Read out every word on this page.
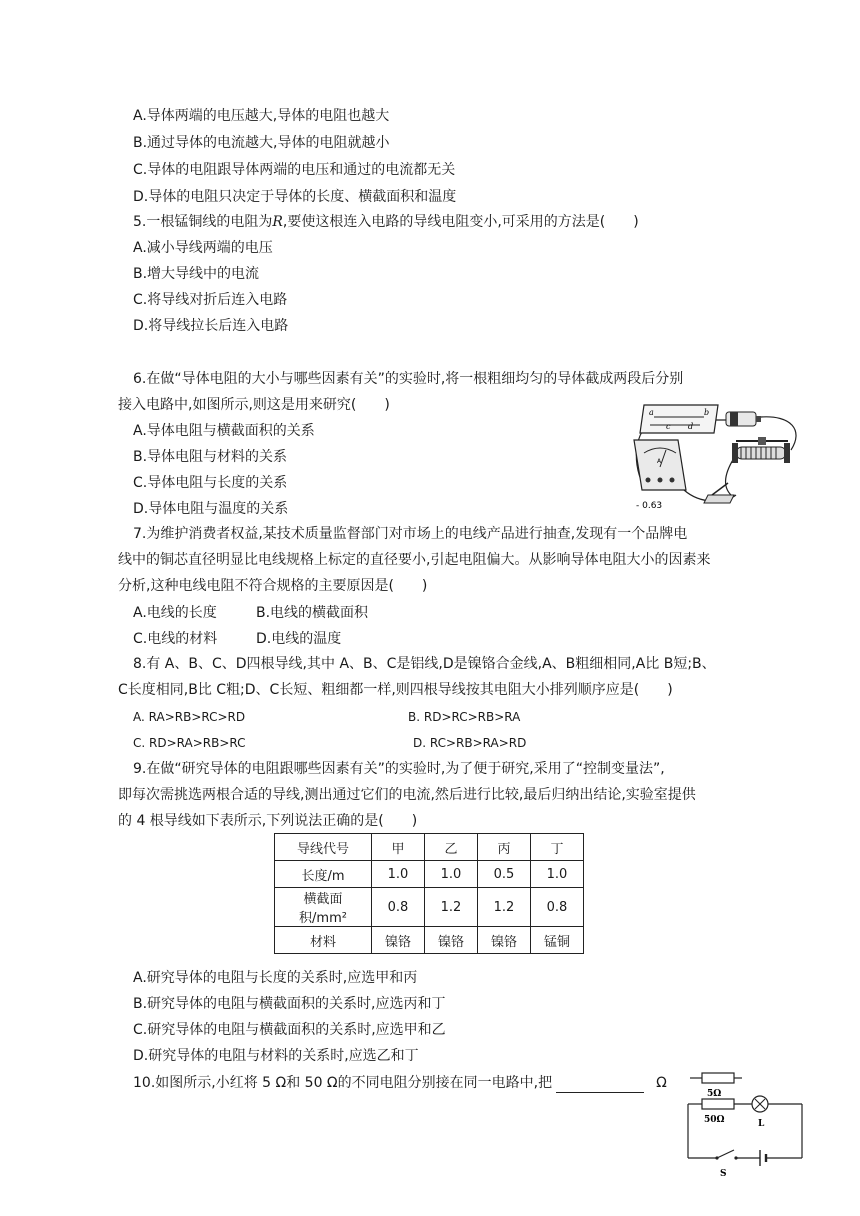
A.导体两端的电压越大,导体的电阻也越大
B.通过导体的电流越大,导体的电阻就越小
C.导体的电阻跟导体两端的电压和通过的电流都无关
D.导体的电阻只决定于导体的长度、横截面积和温度
5.一根锰铜线的电阻为R,要使这根连入电路的导线电阻变小,可采用的方法是(　　)
A.减小导线两端的电压
B.增大导线中的电流
C.将导线对折后连入电路
D.将导线拉长后连入电路
6.在做“导体电阻的大小与哪些因素有关”的实验时,将一根粗细均匀的导体截成两段后分别
接入电路中,如图所示,则这是用来研究(　　)
A.导体电阻与横截面积的关系
B.导体电阻与材料的关系
C.导体电阻与长度的关系
D.导体电阻与温度的关系
a	b
c d
A
- 0.63
7.为维护消费者权益,某技术质量监督部门对市场上的电线产品进行抽查,发现有一个品牌电
线中的铜芯直径明显比电线规格上标定的直径要小,引起电阻偏大。从影响导体电阻大小的因素来
分析,这种电线电阻不符合规格的主要原因是(　　)
A.电线的长度	B.电线的横截面积
C.电线的材料	D.电线的温度
8.有 A、B、C、D四根导线,其中 A、B、C是铝线,D是镍铬合金线,A、B粗细相同,A比 B短;B、
C长度相同,B比 C粗;D、C长短、粗细都一样,则四根导线按其电阻大小排列顺序应是(　　)
A. RA>RB>RC>RD	B. RD>RC>RB>RA
C. RD>RA>RB>RC	D. RC>RB>RA>RD
9.在做“研究导体的电阻跟哪些因素有关”的实验时,为了便于研究,采用了“控制变量法”,
即每次需挑选两根合适的导线,测出通过它们的电流,然后进行比较,最后归纳出结论,实验室提供
的 4 根导线如下表所示,下列说法正确的是(　　)
导线代号	甲	乙	丙	丁
长度/m	1.0	1.0	0.5	1.0
横截面积/mm²	0.8	1.2	1.2	0.8
材料	镍铬	镍铬	镍铬	锰铜
A.研究导体的电阻与长度的关系时,应选甲和丙
B.研究导体的电阻与横截面积的关系时,应选丙和丁
C.研究导体的电阻与横截面积的关系时,应选甲和乙
D.研究导体的电阻与材料的关系时,应选乙和丁
10.如图所示,小红将 5 Ω和 50 Ω的不同电阻分别接在同一电路中,把	Ω
5Ω
50Ω	L
S
